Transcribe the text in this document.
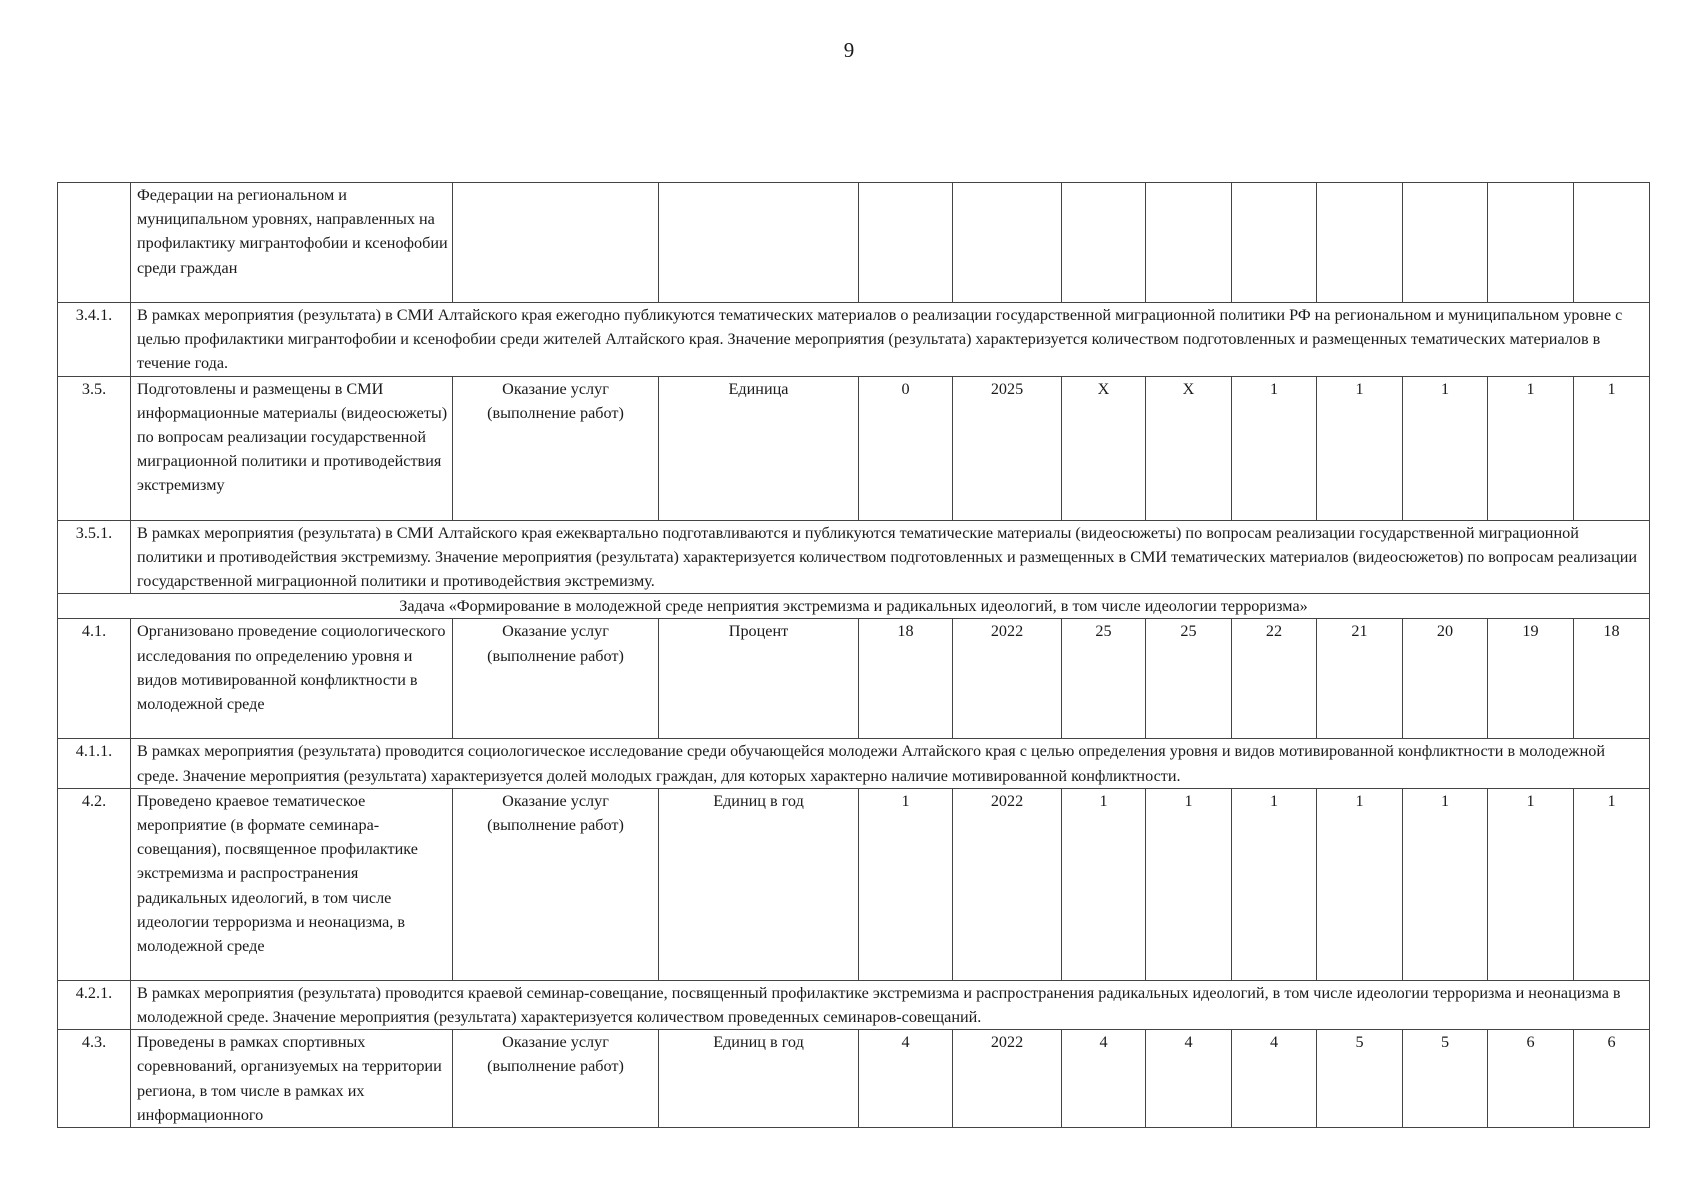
9
	Федерации на региональном и муниципальном уровнях, направленных на профилактику мигрантофобии и ксенофобии среди граждан											
3.4.1.	В рамках мероприятия (результата) в СМИ Алтайского края ежегодно публикуются тематических материалов о реализации государственной миграционной политики РФ на региональном и муниципальном уровне с целью профилактики мигрантофобии и ксенофобии среди жителей Алтайского края. Значение мероприятия (результата) характеризуется количеством подготовленных и размещенных тематических материалов в течение года.											
3.5.	Подготовлены и размещены в СМИ информационные материалы (видеосюжеты) по вопросам реализации государственной миграционной политики и противодействия экстремизму	Оказание услуг (выполнение работ)	Единица	0	2025	Х	Х	1	1	1	1	1
3.5.1.	В рамках мероприятия (результата) в СМИ Алтайского края ежеквартально подготавливаются и публикуются тематические материалы (видеосюжеты) по вопросам реализации государственной миграционной политики и противодействия экстремизму. Значение мероприятия (результата) характеризуется количеством подготовленных и размещенных в СМИ тематических материалов (видеосюжетов) по вопросам реализации государственной миграционной политики и противодействия экстремизму.											
Задача «Формирование в молодежной среде неприятия экстремизма и радикальных идеологий, в том числе идеологии терроризма»												
4.1.	Организовано проведение социологического исследования по определению уровня и видов мотивированной конфликтности в молодежной среде	Оказание услуг (выполнение работ)	Процент	18	2022	25	25	22	21	20	19	18
4.1.1.	В рамках мероприятия (результата) проводится социологическое исследование среди обучающейся молодежи Алтайского края с целью определения уровня и видов мотивированной конфликтности в молодежной среде. Значение мероприятия (результата) характеризуется долей молодых граждан, для которых характерно наличие мотивированной конфликтности.											
4.2.	Проведено краевое тематическое мероприятие (в формате семинара-совещания), посвященное профилактике экстремизма и распространения радикальных идеологий, в том числе идеологии терроризма и неонацизма, в молодежной среде	Оказание услуг (выполнение работ)	Единиц в год	1	2022	1	1	1	1	1	1	1
4.2.1.	В рамках мероприятия (результата) проводится краевой семинар-совещание, посвященный профилактике экстремизма и распространения радикальных идеологий, в том числе идеологии терроризма и неонацизма в молодежной среде. Значение мероприятия (результата) характеризуется количеством проведенных семинаров-совещаний.											
4.3.	Проведены в рамках спортивных соревнований, организуемых на территории региона, в том числе в рамках их информационного	Оказание услуг (выполнение работ)	Единиц в год	4	2022	4	4	4	5	5	6	6
